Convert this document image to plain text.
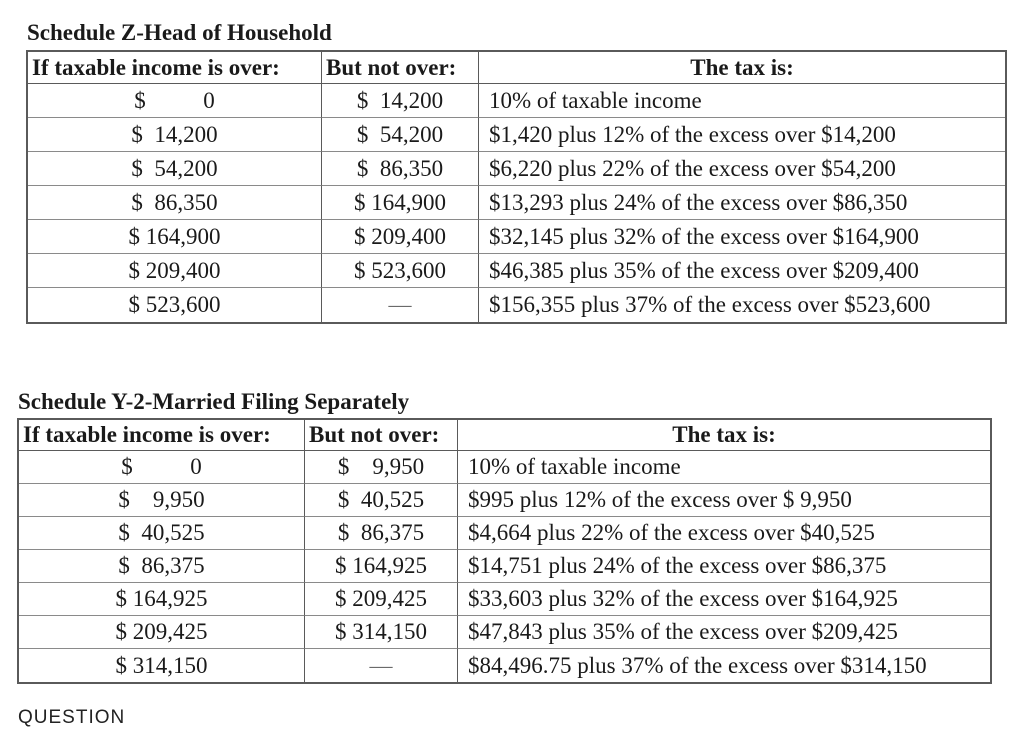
Schedule Z-Head of Household
If taxable income is over:	But not over:	The tax is:
$          0	$  14,200	10% of taxable income
$  14,200	$  54,200	$1,420 plus 12% of the excess over $14,200
$  54,200	$  86,350	$6,220 plus 22% of the excess over $54,200
$  86,350	$ 164,900	$13,293 plus 24% of the excess over $86,350
$ 164,900	$ 209,400	$32,145 plus 32% of the excess over $164,900
$ 209,400	$ 523,600	$46,385 plus 35% of the excess over $209,400
$ 523,600	—	$156,355 plus 37% of the excess over $523,600
Schedule Y-2-Married Filing Separately
If taxable income is over:	But not over:	The tax is:
$          0	$    9,950	10% of taxable income
$    9,950	$  40,525	$995 plus 12% of the excess over $ 9,950
$  40,525	$  86,375	$4,664 plus 22% of the excess over $40,525
$  86,375	$ 164,925	$14,751 plus 24% of the excess over $86,375
$ 164,925	$ 209,425	$33,603 plus 32% of the excess over $164,925
$ 209,425	$ 314,150	$47,843 plus 35% of the excess over $209,425
$ 314,150	—	$84,496.75 plus 37% of the excess over $314,150
QUESTION
